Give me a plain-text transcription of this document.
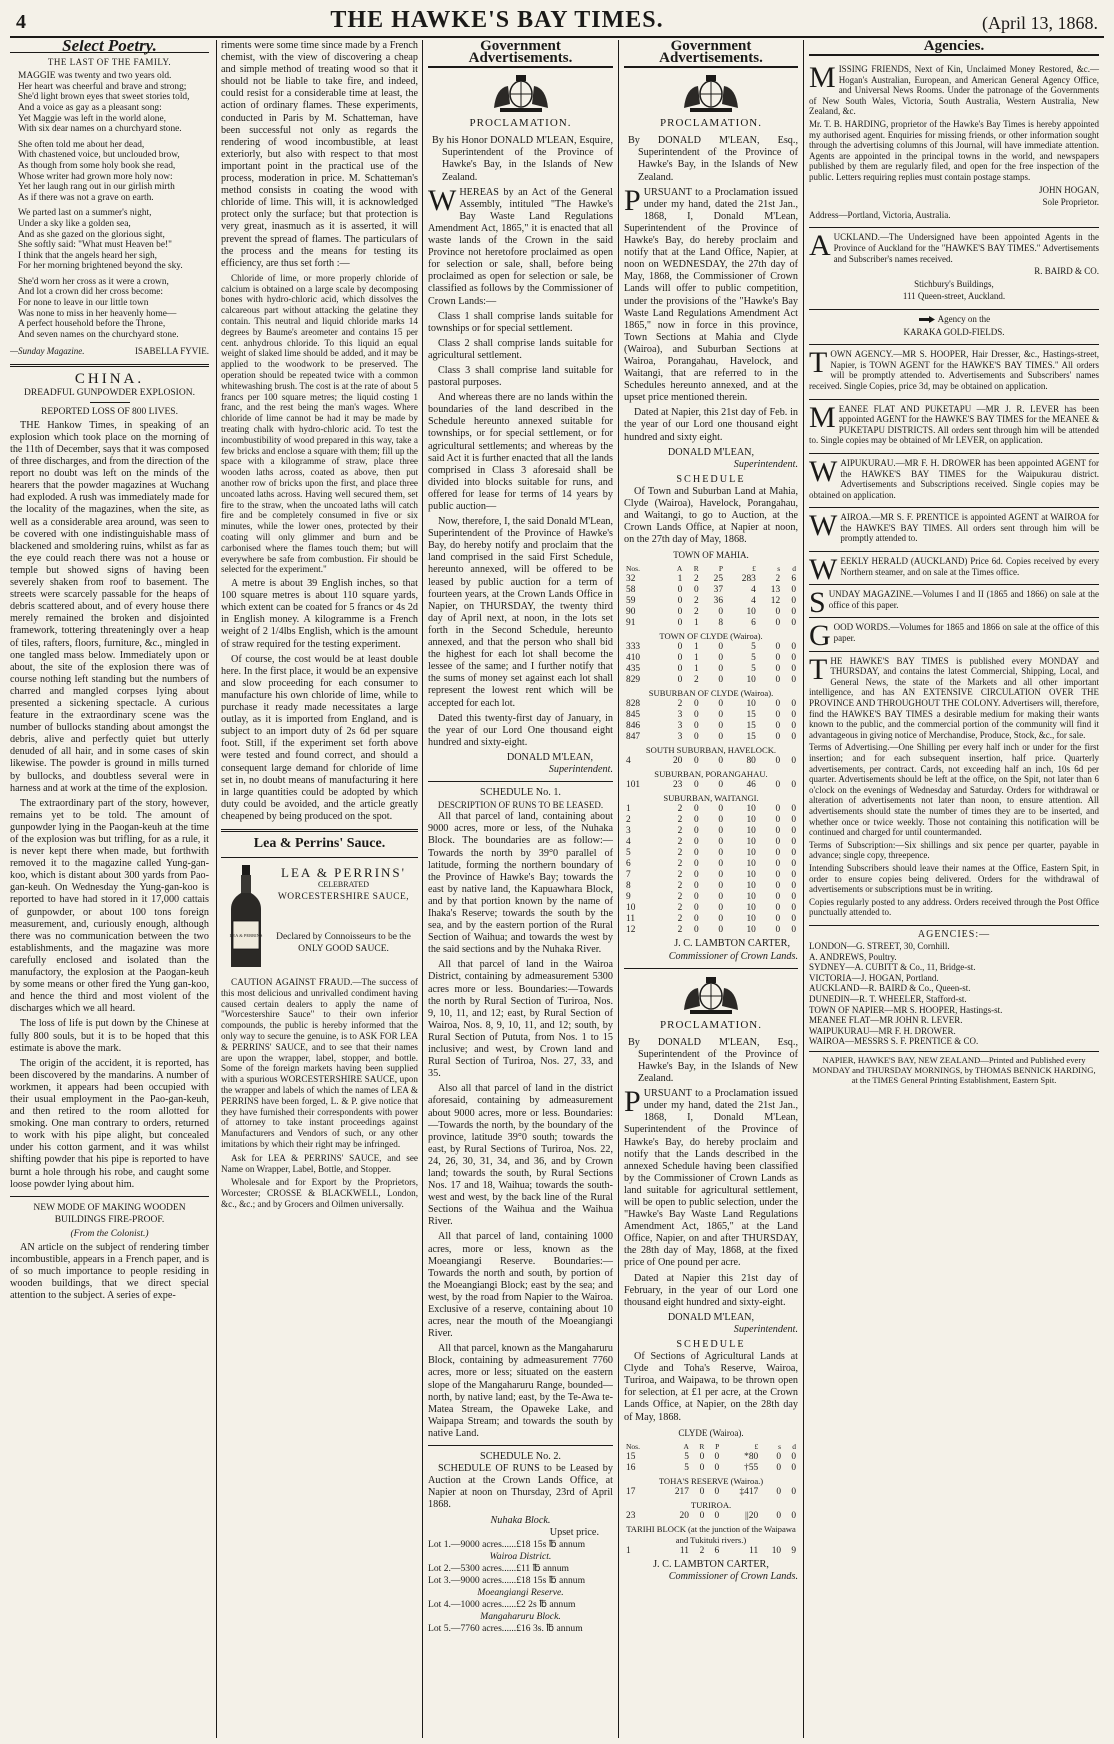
4	THE HAWKE'S BAY TIMES.	(April 13, 1868.
Select Poetry.
THE LAST OF THE FAMILY.

MAGGIE was twenty and two years old.

Her heart was cheerful and brave and strong;

She'd light brown eyes that sweet stories told,

And a voice as gay as a pleasant song:

Yet Maggie was left in the world alone,

With six dear names on a churchyard stone.

She often told me about her dead,

With chastened voice, but unclouded brow,

As though from some holy book she read,

Whose writer had grown more holy now:

Yet her laugh rang out in our girlish mirth

As if there was not a grave on earth.

We parted last on a summer's night,

Under a sky like a golden sea,

And as she gazed on the glorious sight,

She softly said: "What must Heaven be!"

I think that the angels heard her sigh,

For her morning brightened beyond the sky.

She'd worn her cross as it were a crown,

And lot a crown did her cross become:

For none to leave in our little town

Was none to miss in her heavenly home—

A perfect household before the Throne,

And seven names on the churchyard stone.

—Sunday Magazine.	ISABELLA FYVIE.
CHINA.
DREADFUL GUNPOWDER EXPLOSION.
REPORTED LOSS OF 800 LIVES.

THE Hankow Times, in speaking of an explosion which took place on the morning of the 11th of December, says that it was composed of three discharges, and from the direction of the report no doubt was left on the minds of the hearers that the powder magazines at Wuchang had exploded. A rush was immediately made for the locality of the magazines, when the site, as well as a considerable area around, was seen to be covered with one indistinguishable mass of blackened and smoldering ruins, whilst as far as the eye could reach there was not a house or temple but showed signs of having been severely shaken from roof to basement. The streets were scarcely passable for the heaps of debris scattered about, and of every house there merely remained the broken and disjointed framework, tottering threateningly over a heap of tiles, rafters, floors, furniture, &c., mingled in one tangled mass below. Immediately upon or about, the site of the explosion there was of course nothing left standing but the numbers of charred and mangled corpses lying about presented a sickening spectacle. A curious feature in the extraordinary scene was the number of bullocks standing about amongst the debris, alive and perfectly quiet but utterly denuded of all hair, and in some cases of skin likewise. The powder is ground in mills turned by bullocks, and doubtless several were in harness and at work at the time of the explosion.

The extraordinary part of the story, however, remains yet to be told. The amount of gunpowder lying in the Paogan-keuh at the time of the explosion was but trifling, for as a rule, it is never kept there when made, but forthwith removed it to the magazine called Yung-gan-koo, which is distant about 300 yards from Pao-gan-keuh. On Wednesday the Yung-gan-koo is reported to have had stored in it 17,000 cattais of gunpowder, or about 100 tons foreign measurement, and, curiously enough, although there was no communication between the two establishments, and the magazine was more carefully enclosed and isolated than the manufactory, the explosion at the Paogan-keuh by some means or other fired the Yung gan-koo, and hence the third and most violent of the discharges which we all heard.

The loss of life is put down by the Chinese at fully 800 souls, but it is to be hoped that this estimate is above the mark.

The origin of the accident, it is reported, has been discovered by the mandarins. A number of workmen, it appears had been occupied with their usual employment in the Pao-gan-keuh, and then retired to the room allotted for smoking. One man contrary to orders, returned to work with his pipe alight, but concealed under his cotton garment, and it was whilst shifting powder that his pipe is reported to have burnt a hole through his robe, and caught some loose powder lying about him.

NEW MODE OF MAKING WOODEN BUILDINGS FIRE-PROOF.
(From the Colonist.)

AN article on the subject of rendering timber incombustible, appears in a French paper, and is of so much importance to people residing in wooden buildings, that we direct special attention to the subject. A series of expe-

riments were some time since made by a French chemist, with the view of discovering a cheap and simple method of treating wood so that it should not be liable to take fire, and indeed, could resist for a considerable time at least, the action of ordinary flames. These experiments, conducted in Paris by M. Schatteman, have been successful not only as regards the rendering of wood incombustible, at least exteriorly, but also with respect to that most important point in the practical use of the process, moderation in price. M. Schatteman's method consists in coating the wood with chloride of lime. This will, it is acknowledged protect only the surface; but that protection is very great, inasmuch as it is asserted, it will prevent the spread of flames. The particulars of the process and the means for testing its efficiency, are thus set forth :—

Chloride of lime, or more properly chloride of calcium is obtained on a large scale by decomposing bones with hydro-chloric acid, which dissolves the calcareous part without attacking the gelatine they contain. This neutral and liquid chloride marks 14 degrees by Baume's areometer and contains 15 per cent. anhydrous chloride. To this liquid an equal weight of slaked lime should be added, and it may be applied to the woodwork to be preserved. The operation should be repeated twice with a common whitewashing brush. The cost is at the rate of about 5 francs per 100 square metres; the liquid costing 1 franc, and the rest being the man's wages. Where chloride of lime cannot be had it may be made by treating chalk with hydro-chloric acid. To test the incombustibility of wood prepared in this way, take a few bricks and enclose a square with them; fill up the space with a kilogramme of straw, place three wooden laths across, coated as above, then put another row of bricks upon the first, and place three uncoated laths across. Having well secured them, set fire to the straw, when the uncoated laths will catch fire and be completely consumed in five or six minutes, while the lower ones, protected by their coating will only glimmer and burn and be carbonised where the flames touch them; but will everywhere be safe from combustion. Fir should be selected for the experiment."

A metre is about 39 English inches, so that 100 square metres is about 110 square yards, which extent can be coated for 5 francs or 4s 2d in English money. A kilogramme is a French weight of 2 1/4lbs English, which is the amount of straw required for the testing experiment.

Of course, the cost would be at least double here. In the first place, it would be an expensive and slow proceeding for each consumer to manufacture his own chloride of lime, while to purchase it ready made necessitates a large outlay, as it is imported from England, and is subject to an import duty of 2s 6d per square foot. Still, if the experiment set forth above were tested and found correct, and should a consequent large demand for chloride of lime set in, no doubt means of manufacturing it here in large quantities could be adopted by which duty could be avoided, and the article greatly cheapened by being produced on the spot.

Lea & Perrins' Sauce.
LEA & PERRINS
LEA & PERRINS'
CELEBRATED
WORCESTERSHIRE SAUCE,
Declared by Connoisseurs to be the ONLY GOOD SAUCE.

CAUTION AGAINST FRAUD.—The success of this most delicious and unrivalled condiment having caused certain dealers to apply the name of "Worcestershire Sauce" to their own inferior compounds, the public is hereby informed that the only way to secure the genuine, is to ASK FOR LEA & PERRINS' SAUCE, and to see that their names are upon the wrapper, label, stopper, and bottle. Some of the foreign markets having been supplied with a spurious WORCESTERSHIRE SAUCE, upon the wrapper and labels of which the names of LEA & PERRINS have been forged, L. & P. give notice that they have furnished their correspondents with power of attorney to take instant proceedings against Manufacturers and Vendors of such, or any other imitations by which their right may be infringed.

Ask for LEA & PERRINS' SAUCE, and see Name on Wrapper, Label, Bottle, and Stopper.

Wholesale and for Export by the Proprietors, Worcester; CROSSE & BLACKWELL, London, &c., &c.; and by Grocers and Oilmen universally.

Government Advertisements.
PROCLAMATION.

By his Honor DONALD M'LEAN, Esquire, Superintendent of the Province of Hawke's Bay, in the Islands of New Zealand.

WHEREAS by an Act of the General Assembly, intituled "The Hawke's Bay Waste Land Regulations Amendment Act, 1865," it is enacted that all waste lands of the Crown in the said Province not heretofore proclaimed as open for selection or sale, shall, before being proclaimed as open for selection or sale, be classified as follows by the Commissioner of Crown Lands:—

Class 1 shall comprise lands suitable for townships or for special settlement.

Class 2 shall comprise lands suitable for agricultural settlement.

Class 3 shall comprise land suitable for pastoral purposes.

And whereas there are no lands within the boundaries of the land described in the Schedule hereunto annexed suitable for townships, or for special settlement, or for agricultural settlements; and whereas by the said Act it is further enacted that all the lands comprised in Class 3 aforesaid shall be divided into blocks suitable for runs, and offered for lease for terms of 14 years by public auction—

Now, therefore, I, the said Donald M'Lean, Superintendent of the Province of Hawke's Bay, do hereby notify and proclaim that the land comprised in the said First Schedule, hereunto annexed, will be offered to be leased by public auction for a term of fourteen years, at the Crown Lands Office in Napier, on THURSDAY, the twenty third day of April next, at noon, in the lots set forth in the Second Schedule, hereunto annexed, and that the person who shall bid the highest for each lot shall become the lessee of the same; and I further notify that the sums of money set against each lot shall represent the lowest rent which will be accepted for each lot.

Dated this twenty-first day of January, in the year of our Lord One thousand eight hundred and sixty-eight.

DONALD M'LEAN,
Superintendent.
SCHEDULE No. 1.
DESCRIPTION OF RUNS TO BE LEASED.

All that parcel of land, containing about 9000 acres, more or less, of the Nuhaka Block. The boundaries are as follow:—Towards the north by 39°0 parallel of latitude, forming the northern boundary of the Province of Hawke's Bay; towards the east by native land, the Kapuawhara Block, and by that portion known by the name of Ihaka's Reserve; towards the south by the sea, and by the eastern portion of the Rural Section of Waihua; and towards the west by the said sections and by the Nuhaka River.

All that parcel of land in the Wairoa District, containing by admeasurement 5300 acres more or less. Boundaries:—Towards the north by Rural Section of Turiroa, Nos. 9, 10, 11, and 12; east, by Rural Section of Wairoa, Nos. 8, 9, 10, 11, and 12; south, by Rural Section of Pututa, from Nos. 1 to 15 inclusive; and west, by Crown land and Rural Section of Turiroa, Nos. 27, 33, and 35.

Also all that parcel of land in the district aforesaid, containing by admeasurement about 9000 acres, more or less. Boundaries:—Towards the north, by the boundary of the province, latitude 39°0 south; towards the east, by Rural Sections of Turiroa, Nos. 22, 24, 26, 30, 31, 34, and 36, and by Crown land; towards the south, by Rural Sections Nos. 17 and 18, Waihua; towards the south-west and west, by the back line of the Rural Sections of the Waihua and the Waihua River.

All that parcel of land, containing 1000 acres, more or less, known as the Moeangiangi Reserve. Boundaries:—Towards the north and south, by portion of the Moeangiangi Block; east by the sea; and west, by the road from Napier to the Wairoa. Exclusive of a reserve, containing about 10 acres, near the mouth of the Moeangiangi River.

All that parcel, known as the Mangaharuru Block, containing by admeasurement 7760 acres, more or less; situated on the eastern slope of the Mangaharuru Range, bounded—north, by native land; east, by the Te-Awa te-Matea Stream, the Opaweke Lake, and Waipapa Stream; and towards the south by native Land.

SCHEDULE No. 2.

SCHEDULE OF RUNS to be Leased by Auction at the Crown Lands Office, at Napier at noon on Thursday, 23rd of April 1868.

Nuhaka Block.
Upset price.
Lot 1.—9000 acres......£18 15s ℔ annum
Wairoa District.
Lot 2.—5300 acres......£11 ℔ annum
Lot 3.—9000 acres......£18 15s ℔ annum
Moeangiangi Reserve.
Lot 4.—1000 acres......£2 2s ℔ annum
Mangaharuru Block.
Lot 5.—7760 acres......£16 3s. ℔ annum
Government Advertisements.
PROCLAMATION.

By DONALD M'LEAN, Esq., Superintendent of the Province of Hawke's Bay, in the Islands of New Zealand.

PURSUANT to a Proclamation issued under my hand, dated the 21st Jan., 1868, I, Donald M'Lean, Superintendent of the Province of Hawke's Bay, do hereby proclaim and notify that at the Land Office, Napier, at noon on WEDNESDAY, the 27th day of May, 1868, the Commissioner of Crown Lands will offer to public competition, under the provisions of the "Hawke's Bay Waste Land Regulations Amendment Act 1865," now in force in this province, Town Sections at Mahia and Clyde (Wairoa), and Suburban Sections at Wairoa, Porangahau, Havelock, and Waitangi, that are referred to in the Schedules hereunto annexed, and at the upset price mentioned therein.

Dated at Napier, this 21st day of Feb. in the year of our Lord one thousand eight hundred and sixty eight.

DONALD M'LEAN,
Superintendent.
SCHEDULE

Of Town and Suburban Land at Mahia, Clyde (Wairoa), Havelock, Porangahau, and Waitangi, to go to Auction, at the Crown Lands Office, at Napier at noon, on the 27th day of May, 1868.

TOWN OF MAHIA.
Nos.	A	R	P	£	s	d
32	1	2	25	283	2	6
58	0	0	37	4	13	0
59	0	2	36	4	12	0
90	0	2	0	10	0	0
91	0	1	8	6	0	0
TOWN OF CLYDE (Wairoa).						
333	0	1	0	5	0	0
410	0	1	0	5	0	0
435	0	1	0	5	0	0
829	0	2	0	10	0	0
SUBURBAN OF CLYDE (Wairoa).						
828	2	0	0	10	0	0
845	3	0	0	15	0	0
846	3	0	0	15	0	0
847	3	0	0	15	0	0
SOUTH SUBURBAN, HAVELOCK.						
4	20	0	0	80	0	0
SUBURBAN, PORANGAHAU.						
101	23	0	0	46	0	0
SUBURBAN, WAITANGI.						
1	2	0	0	10	0	0
2	2	0	0	10	0	0
3	2	0	0	10	0	0
4	2	0	0	10	0	0
5	2	0	0	10	0	0
6	2	0	0	10	0	0
7	2	0	0	10	0	0
8	2	0	0	10	0	0
9	2	0	0	10	0	0
10	2	0	0	10	0	0
11	2	0	0	10	0	0
12	2	0	0	10	0	0
J. C. LAMBTON CARTER,
Commissioner of Crown Lands.
PROCLAMATION.

By DONALD M'LEAN, Esq., Superintendent of the Province of Hawke's Bay, in the Islands of New Zealand.

PURSUANT to a Proclamation issued under my hand, dated the 21st Jan., 1868, I, Donald M'Lean, Superintendent of the Province of Hawke's Bay, do hereby proclaim and notify that the Lands described in the annexed Schedule having been classified by the Commissioner of Crown Lands as land suitable for agricultural settlement, will be open to public selection, under the "Hawke's Bay Waste Land Regulations Amendment Act, 1865," at the Land Office, Napier, on and after THURSDAY, the 28th day of May, 1868, at the fixed price of One pound per acre.

Dated at Napier this 21st day of February, in the year of our Lord one thousand eight hundred and sixty-eight.

DONALD M'LEAN,
Superintendent.
SCHEDULE

Of Sections of Agricultural Lands at Clyde and Toha's Reserve, Wairoa, Turiroa, and Waipawa, to be thrown open for selection, at £1 per acre, at the Crown Lands Office, at Napier, on the 28th day of May, 1868.

CLYDE (Wairoa).
Nos.	A	R	P	£	s	d
15	5	0	0	*80	0	0
16	5	0	0	†55	0	0
TOHA'S RESERVE (Wairoa.)						
17	217	0	0	‡417	0	0
TURIROA.						
23	20	0	0	||20	0	0
TARIHI BLOCK (at the junction of the Waipawa and Tukituki rivers.)						
1	11	2	6	11	10	9
J. C. LAMBTON CARTER,
Commissioner of Crown Lands.
Agencies.

MISSING FRIENDS, Next of Kin, Unclaimed Money Restored, &c.—Hogan's Australian, European, and American General Agency Office, and Universal News Rooms. Under the patronage of the Governments of New South Wales, Victoria, South Australia, Western Australia, New Zealand, &c.

Mr. T. B. HARDING, proprietor of the Hawke's Bay Times is hereby appointed my authorised agent. Enquiries for missing friends, or other information sought through the advertising columns of this Journal, will have immediate attention. Agents are appointed in the principal towns in the world, and newspapers published by them are regularly filed, and open for the free inspection of the public. Letters requiring replies must contain postage stamps.

JOHN HOGAN,

Sole Proprietor.

Address—Portland, Victoria, Australia.

AUCKLAND.—The Undersigned have been appointed Agents in the Province of Auckland for the "HAWKE'S BAY TIMES." Advertisements and Subscriber's names received.

R. BAIRD & CO.

Stichbury's Buildings,

111 Queen-street, Auckland.

Agency on the

KARAKA GOLD-FIELDS.

TOWN AGENCY.—MR S. HOOPER, Hair Dresser, &c., Hastings-street, Napier, is TOWN AGENT for the HAWKE'S BAY TIMES." All orders will be promptly attended to. Advertisements and Subscribers' names received. Single Copies, price 3d, may be obtained on application.

MEANEE FLAT AND PUKETAPU —MR J. R. LEVER has been appointed AGENT for the HAWKE'S BAY TIMES for the MEANEE & PUKETAPU DISTRICTS. All orders sent through him will be attended to. Single copies may be obtained of Mr LEVER, on application.

WAIPUKURAU.—MR F. H. DROWER has been appointed AGENT for the HAWKE'S BAY TIMES for the Waipukurau district. Advertisements and Subscriptions received. Single copies may be obtained on application.

WAIROA.—MR S. F. PRENTICE is appointed AGENT at WAIROA for the HAWKE'S BAY TIMES. All orders sent through him will be promptly attended to.

WEEKLY HERALD (AUCKLAND) Price 6d. Copies received by every Northern steamer, and on sale at the Times office.

SUNDAY MAGAZINE.—Volumes I and II (1865 and 1866) on sale at the office of this paper.

GOOD WORDS.—Volumes for 1865 and 1866 on sale at the office of this paper.

THE HAWKE'S BAY TIMES is published every MONDAY and THURSDAY, and contains the latest Commercial, Shipping, Local, and General News, the state of the Markets and all other important intelligence, and has AN EXTENSIVE CIRCULATION OVER THE PROVINCE AND THROUGHOUT THE COLONY. Advertisers will, therefore, find the HAWKE'S BAY TIMES a desirable medium for making their wants known to the public, and the commercial portion of the community will find it advantageous in giving notice of Merchandise, Produce, Stock, &c., for sale.

Terms of Advertising.—One Shilling per every half inch or under for the first insertion; and for each subsequent insertion, half price. Quarterly advertisements, per contract. Cards, not exceeding half an inch, 10s 6d per quarter. Advertisements should be left at the office, on the Spit, not later than 6 o'clock on the evenings of Wednesday and Saturday. Orders for withdrawal or alteration of advertisements not later than noon, to ensure attention. All advertisements should state the number of times they are to be inserted, and whether once or twice weekly. Those not containing this notification will be continued and charged for until countermanded.

Terms of Subscription:—Six shillings and six pence per quarter, payable in advance; single copy, threepence.

Intending Subscribers should leave their names at the Office, Eastern Spit, in order to ensure copies being delivered. Orders for the withdrawal of advertisements or subscriptions must be in writing.

Copies regularly posted to any address. Orders received through the Post Office punctually attended to.

AGENCIES:—

LONDON—G. STREET, 30, Cornhill.

A. ANDREWS, Poultry.

SYDNEY—A. CUBITT & Co., 11, Bridge-st.

VICTORIA—J. HOGAN, Portland.

AUCKLAND—R. BAIRD & Co., Queen-st.

DUNEDIN—R. T. WHEELER, Stafford-st.

TOWN OF NAPIER—MR S. HOOPER, Hastings-st.

MEANEE FLAT—MR JOHN R. LEVER.

WAIPUKURAU—MR F. H. DROWER.

WAIROA—MESSRS S. F. PRENTICE & CO.

NAPIER, HAWKE'S BAY, NEW ZEALAND—Printed and Published every MONDAY and THURSDAY MORNINGS, by THOMAS BENNICK HARDING, at the TIMES General Printing Establishment, Eastern Spit.
